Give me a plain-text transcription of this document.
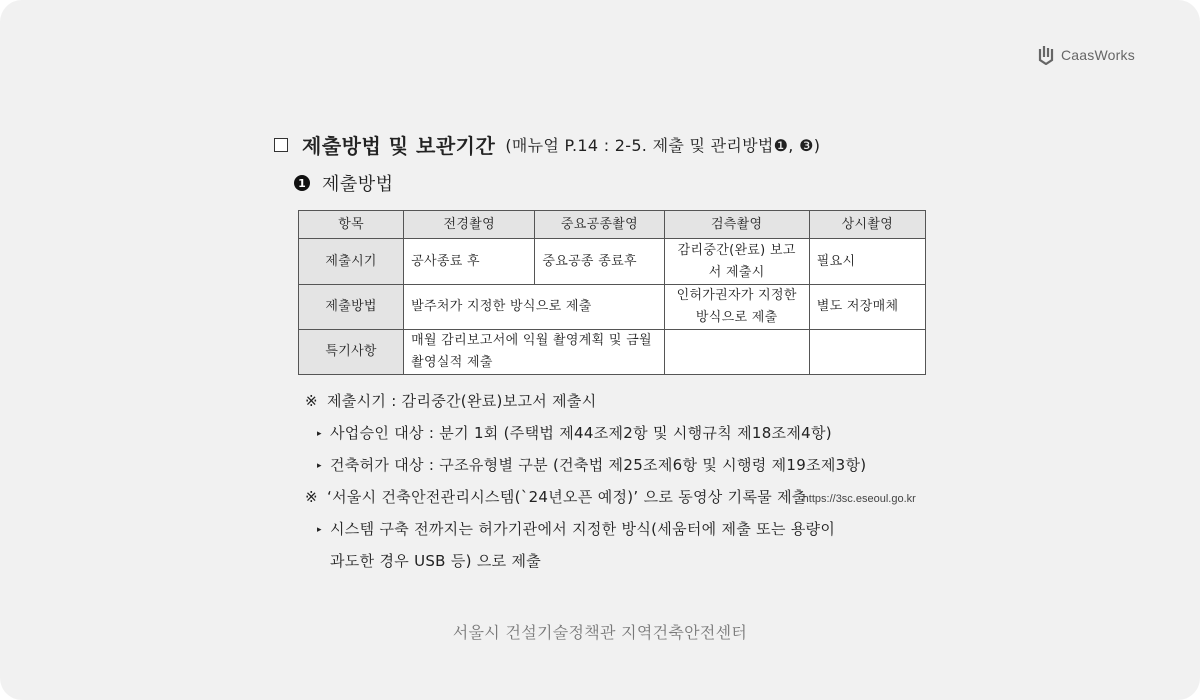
CaasWorks
제출방법 및 보관기간 (매뉴얼 P.14 : 2-5. 제출 및 관리방법❶, ❸)
1 제출방법
항목	전경촬영	중요공종촬영	검측촬영	상시촬영
제출시기	공사종료 후	중요공종 종료후	감리중간(완료) 보고서 제출시	필요시
제출방법	발주처가 지정한 방식으로 제출		인허가권자가 지정한 방식으로 제출	별도 저장매체
특기사항	매월 감리보고서에 익월 촬영계획 및 금월 촬영실적 제출			
※ 제출시기 : 감리중간(완료)보고서 제출시
▸ 사업승인 대상 : 분기 1회 (주택법 제44조제2항 및 시행규칙 제18조제4항)
▸ 건축허가 대상 : 구조유형별 구분 (건축법 제25조제6항 및 시행령 제19조제3항)
※ ‘서울시 건축안전관리시스템(`24년오픈 예정)’ 으로 동영상 기록물 제출https://3sc.eseoul.go.kr
▸ 시스템 구축 전까지는 허가기관에서 지정한 방식(세움터에 제출 또는 용량이
과도한 경우 USB 등) 으로 제출
서울시 건설기술정책관 지역건축안전센터
